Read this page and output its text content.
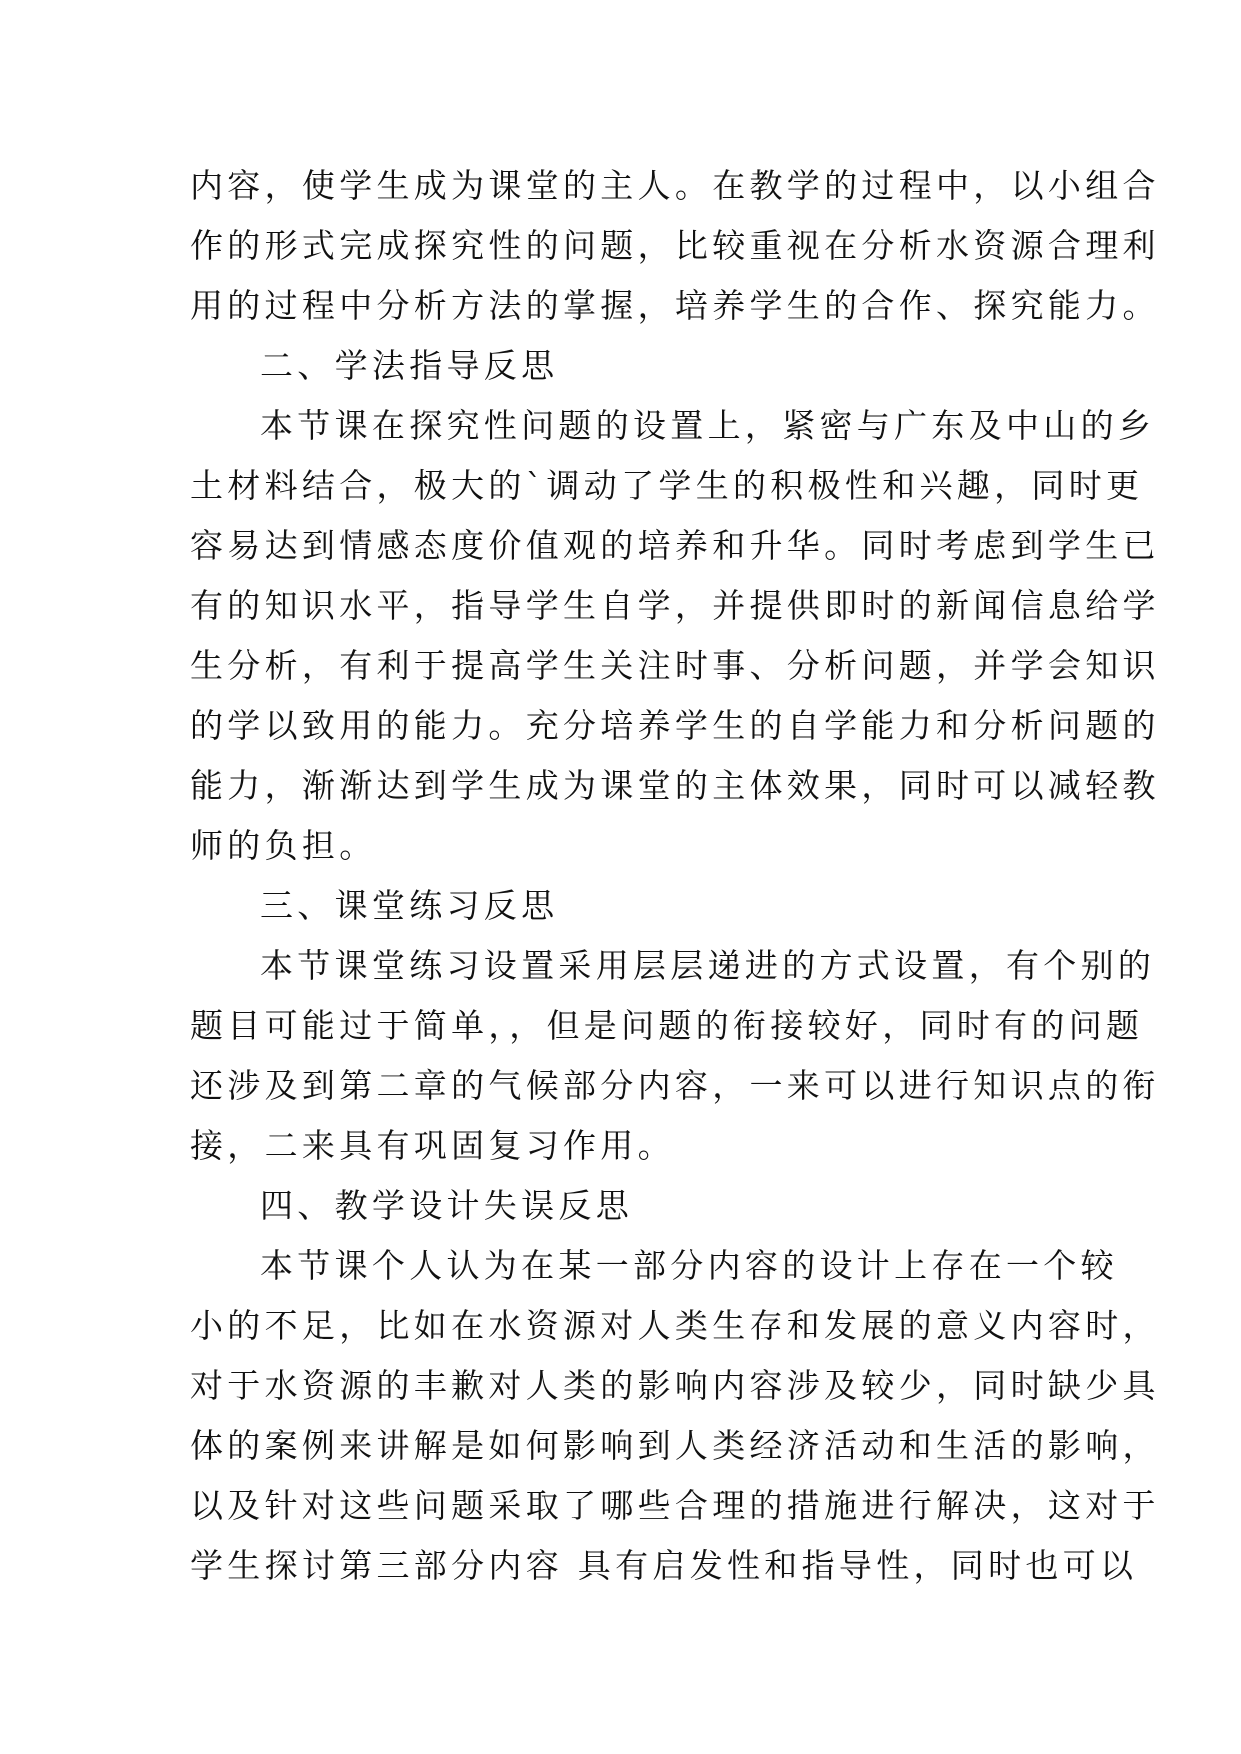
内容，使学生成为课堂的主人。在教学的过程中，以小组合
作的形式完成探究性的问题，比较重视在分析水资源合理利
用的过程中分析方法的掌握，培养学生的合作、探究能力。
二、学法指导反思
本节课在探究性问题的设置上，紧密与广东及中山的乡
土材料结合，极大的`调动了学生的积极性和兴趣，同时更
容易达到情感态度价值观的培养和升华。同时考虑到学生已
有的知识水平，指导学生自学，并提供即时的新闻信息给学
生分析，有利于提高学生关注时事、分析问题，并学会知识
的学以致用的能力。充分培养学生的自学能力和分析问题的
能力，渐渐达到学生成为课堂的主体效果，同时可以减轻教
师的负担。
三、课堂练习反思
本节课堂练习设置采用层层递进的方式设置，有个别的
题目可能过于简单，，但是问题的衔接较好，同时有的问题
还涉及到第二章的气候部分内容，一来可以进行知识点的衔
接，二来具有巩固复习作用。
四、教学设计失误反思
本节课个人认为在某一部分内容的设计上存在一个较
小的不足，比如在水资源对人类生存和发展的意义内容时，
对于水资源的丰歉对人类的影响内容涉及较少，同时缺少具
体的案例来讲解是如何影响到人类经济活动和生活的影响，
以及针对这些问题采取了哪些合理的措施进行解决，这对于
学生探讨第三部分内容 具有启发性和指导性，同时也可以
